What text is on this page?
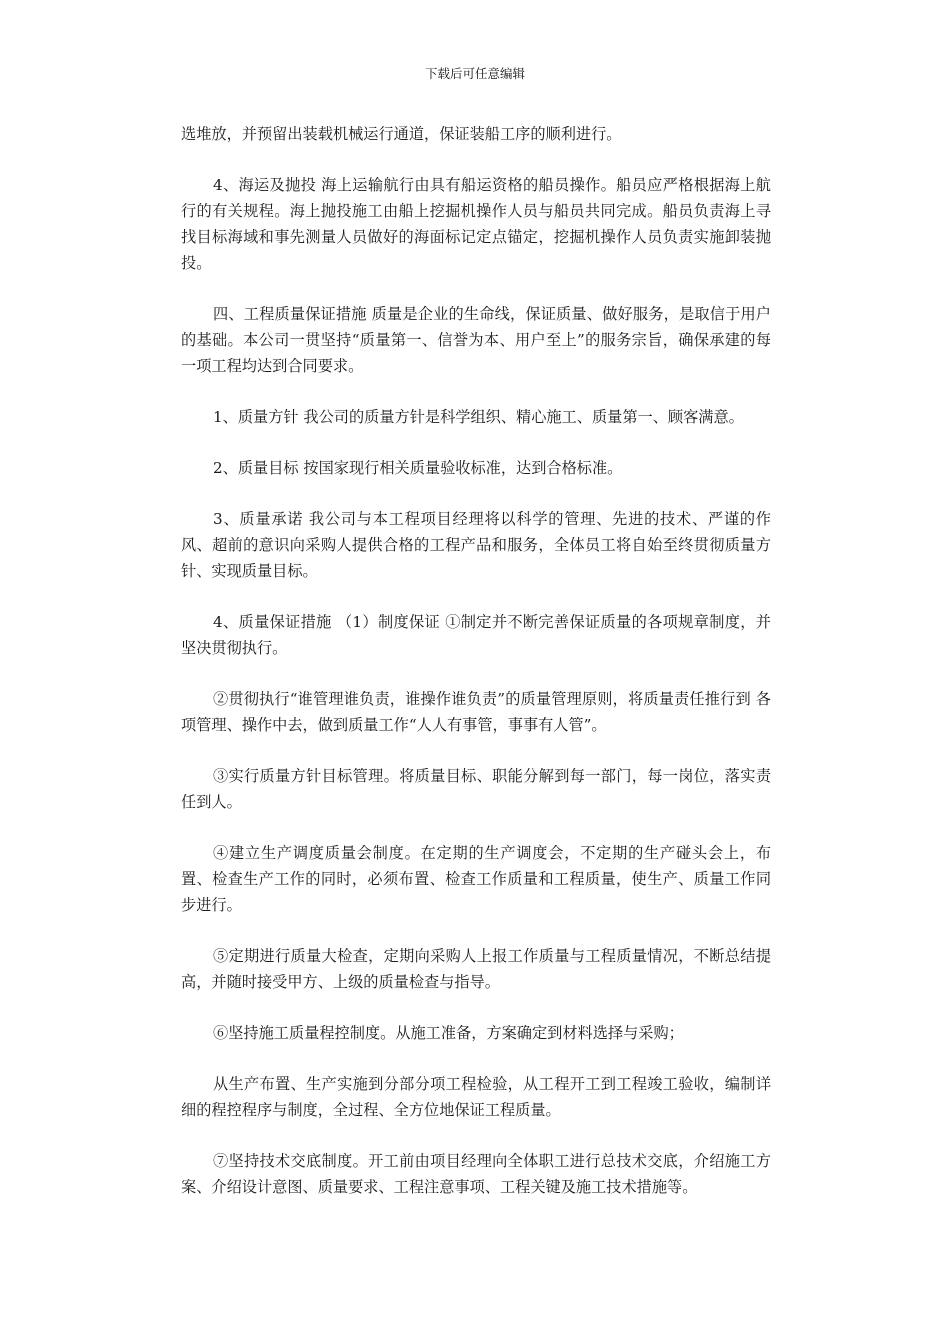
下载后可任意编辑

选堆放，并预留出装载机械运行通道，保证装船工序的顺利进行。

4、海运及抛投 海上运输航行由具有船运资格的船员操作。船员应严格根据海上航行的有关规程。海上抛投施工由船上挖掘机操作人员与船员共同完成。船员负责海上寻找目标海域和事先测量人员做好的海面标记定点锚定，挖掘机操作人员负责实施卸装抛投。

四、工程质量保证措施 质量是企业的生命线，保证质量、做好服务，是取信于用户的基础。本公司一贯坚持“质量第一、信誉为本、用户至上”的服务宗旨，确保承建的每一项工程均达到合同要求。

1、质量方针 我公司的质量方针是科学组织、精心施工、质量第一、顾客满意。

2、质量目标 按国家现行相关质量验收标准，达到合格标准。

3、质量承诺 我公司与本工程项目经理将以科学的管理、先进的技术、严谨的作风、超前的意识向采购人提供合格的工程产品和服务，全体员工将自始至终贯彻质量方针、实现质量目标。

4、质量保证措施 （1）制度保证 ①制定并不断完善保证质量的各项规章制度，并坚决贯彻执行。

②贯彻执行“谁管理谁负责，谁操作谁负责”的质量管理原则，将质量责任推行到 各项管理、操作中去，做到质量工作“人人有事管，事事有人管”。

③实行质量方针目标管理。将质量目标、职能分解到每一部门，每一岗位，落实责任到人。

④建立生产调度质量会制度。在定期的生产调度会，不定期的生产碰头会上，布置、检查生产工作的同时，必须布置、检查工作质量和工程质量，使生产、质量工作同步进行。

⑤定期进行质量大检查，定期向采购人上报工作质量与工程质量情况，不断总结提高，并随时接受甲方、上级的质量检查与指导。

⑥坚持施工质量程控制度。从施工准备，方案确定到材料选择与采购；

从生产布置、生产实施到分部分项工程检验，从工程开工到工程竣工验收，编制详细的程控程序与制度，全过程、全方位地保证工程质量。

⑦坚持技术交底制度。开工前由项目经理向全体职工进行总技术交底，介绍施工方案、介绍设计意图、质量要求、工程注意事项、工程关键及施工技术措施等。
